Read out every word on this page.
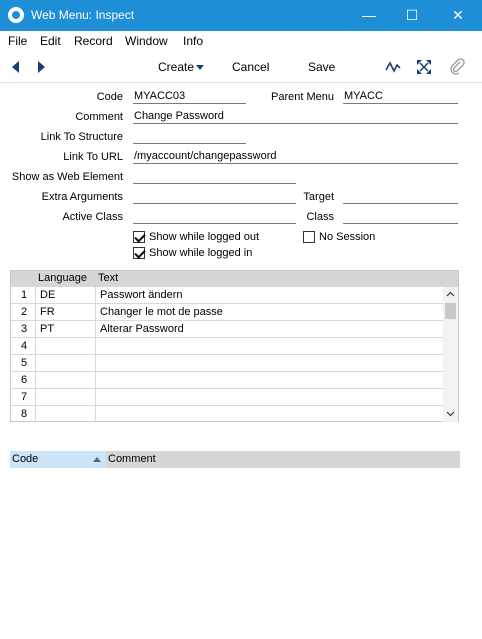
Web Menu: Inspect	—	☐	✕
File Edit Record Window Info
Create	Cancel	Save
Code MYACC03	Parent Menu MYACC
Comment Change Password
Link To Structure
Link To URL /myaccount/changepassword
Show as Web Element
Extra Arguments	Target
Active Class	Class
Show while logged out	No Session
Show while logged in
Language Text
1 DE	Passwort ändern
2 FR	Changer le mot de passe
3 PT	Alterar Password
4
5
6
7
8
Code	Comment
